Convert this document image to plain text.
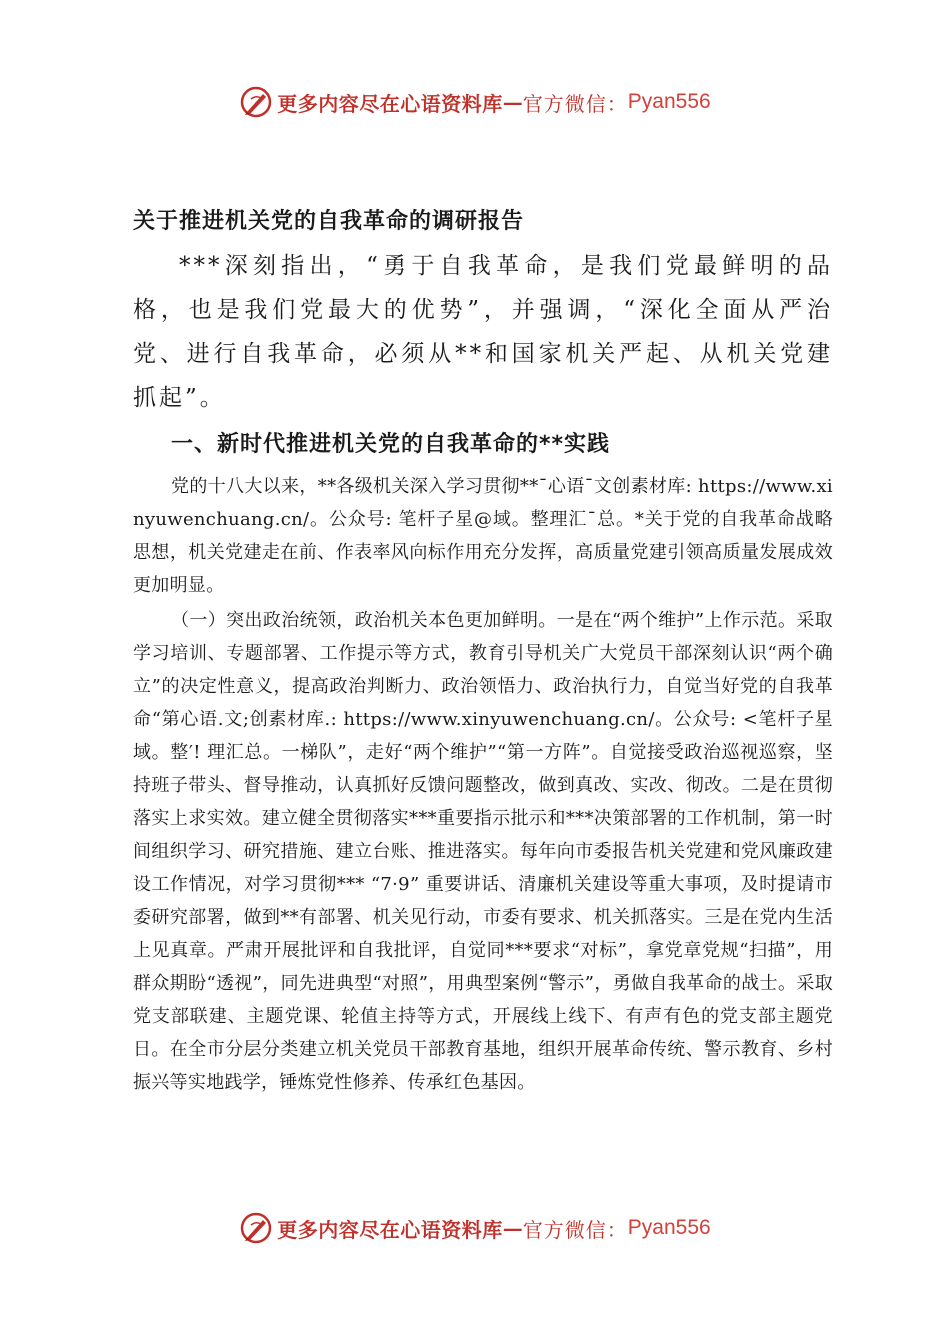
更多内容尽在心语资料库 — 官方微信： Pyan556
关于推进机关党的自我革命的调研报告

***深刻指出，“勇于自我革命，是我们党最鲜明的品格，也是我们党最大的优势”，并强调，“深化全面从严治党、进行自我革命，必须从**和国家机关严起、从机关党建抓起”。

一、新时代推进机关党的自我革命的**实践

党的十八大以来，**各级机关深入学习贯彻**¯心语¯文创素材库: https://www.xinyuwenchuang.cn/。公众号: 笔杆子星@域。整理汇¯总。*关于党的自我革命战略思想，机关党建走在前、作表率风向标作用充分发挥，高质量党建引领高质量发展成效更加明显。

（一）突出政治统领，政治机关本色更加鲜明。一是在“两个维护”上作示范。采取学习培训、专题部署、工作提示等方式，教育引导机关广大党员干部深刻认识“两个确立”的决定性意义，提高政治判断力、政治领悟力、政治执行力，自觉当好党的自我革命“第心语.文;创素材库.: https://www.xinyuwenchuang.cn/。公众号: <笔杆子星域。整′! 理汇总。一梯队”，走好“两个维护”“第一方阵”。自觉接受政治巡视巡察，坚持班子带头、督导推动，认真抓好反馈问题整改，做到真改、实改、彻改。二是在贯彻落实上求实效。建立健全贯彻落实***重要指示批示和***决策部署的工作机制，第一时间组织学习、研究措施、建立台账、推进落实。每年向市委报告机关党建和党风廉政建设工作情况，对学习贯彻*** “7·9” 重要讲话、清廉机关建设等重大事项，及时提请市委研究部署，做到**有部署、机关见行动，市委有要求、机关抓落实。三是在党内生活上见真章。严肃开展批评和自我批评，自觉同***要求“对标”，拿党章党规“扫描”，用群众期盼“透视”，同先进典型“对照”，用典型案例“警示”，勇做自我革命的战士。采取党支部联建、主题党课、轮值主持等方式，开展线上线下、有声有色的党支部主题党日。在全市分层分类建立机关党员干部教育基地，组织开展革命传统、警示教育、乡村振兴等实地践学，锤炼党性修养、传承红色基因。

更多内容尽在心语资料库 — 官方微信： Pyan556
